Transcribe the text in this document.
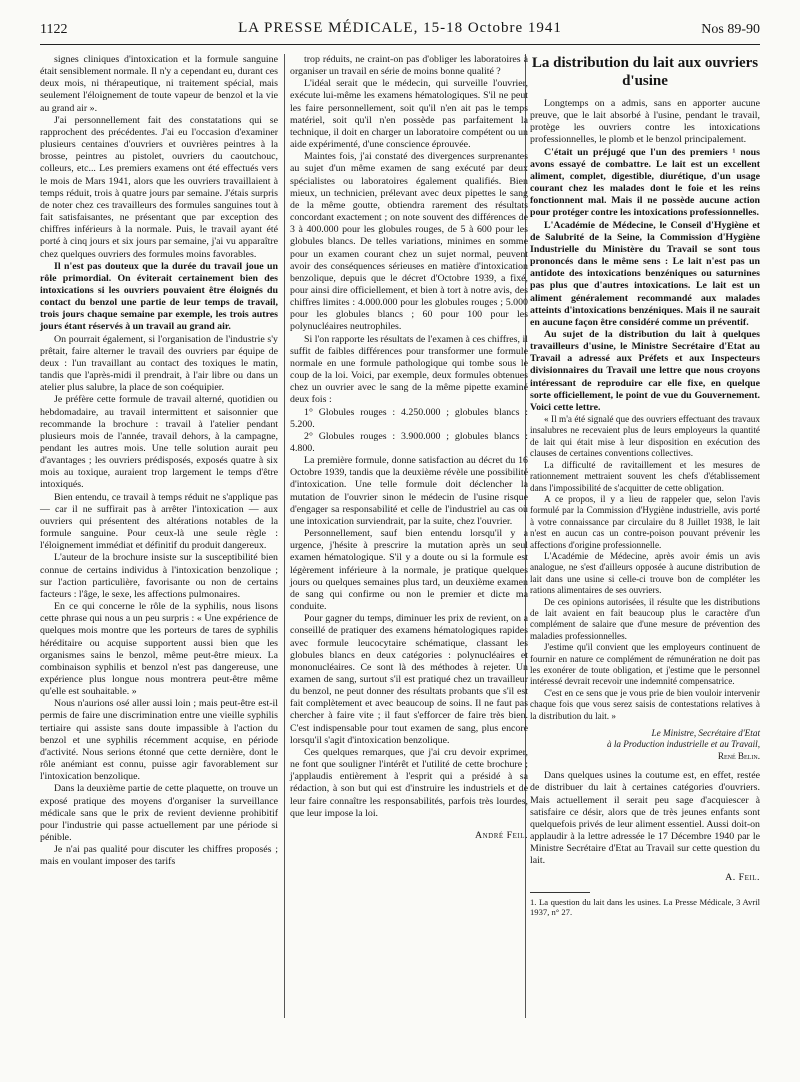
1122	LA PRESSE MÉDICALE, 15-18 Octobre 1941	Nos 89-90

signes cliniques d'intoxication et la formule sanguine était sensiblement normale. Il n'y a cependant eu, durant ces deux mois, ni thérapeutique, ni traitement spécial, mais seulement l'éloignement de toute vapeur de benzol et la vie au grand air ».

J'ai personnellement fait des constatations qui se rapprochent des précédentes. J'ai eu l'occasion d'examiner plusieurs centaines d'ouvriers et ouvrières peintres à la brosse, peintres au pistolet, ouvriers du caoutchouc, colleurs, etc... Les premiers examens ont été effectués vers le mois de Mars 1941, alors que les ouvriers travaillaient à temps réduit, trois à quatre jours par semaine. J'étais surpris de noter chez ces travailleurs des formules sanguines tout à fait satisfaisantes, ne présentant que par exception des chiffres inférieurs à la normale. Puis, le travail ayant été porté à cinq jours et six jours par semaine, j'ai vu apparaître chez quelques ouvriers des formules moins favorables.

Il n'est pas douteux que la durée du travail joue un rôle primordial. On éviterait certainement bien des intoxications si les ouvriers pouvaient être éloignés du contact du benzol une partie de leur temps de travail, trois jours chaque semaine par exemple, les trois autres jours étant réservés à un travail au grand air.

On pourrait également, si l'organisation de l'industrie s'y prêtait, faire alterner le travail des ouvriers par équipe de deux : l'un travaillant au contact des toxiques le matin, tandis que l'après-midi il prendrait, à l'air libre ou dans un atelier plus salubre, la place de son coéquipier.

Je préfère cette formule de travail alterné, quotidien ou hebdomadaire, au travail intermittent et saisonnier que recommande la brochure : travail à l'atelier pendant plusieurs mois de l'année, travail dehors, à la campagne, pendant les autres mois. Une telle solution aurait peu d'avantages ; les ouvriers prédisposés, exposés quatre à six mois au toxique, auraient trop largement le temps d'être intoxiqués.

Bien entendu, ce travail à temps réduit ne s'applique pas — car il ne suffirait pas à arrêter l'intoxication — aux ouvriers qui présentent des altérations notables de la formule sanguine. Pour ceux-là une seule règle : l'éloignement immédiat et définitif du produit dangereux.

L'auteur de la brochure insiste sur la susceptibilité bien connue de certains individus à l'intoxication benzolique ; sur l'action particulière, favorisante ou non de certains facteurs : l'âge, le sexe, les affections pulmonaires.

En ce qui concerne le rôle de la syphilis, nous lisons cette phrase qui nous a un peu surpris : « Une expérience de quelques mois montre que les porteurs de tares de syphilis héréditaire ou acquise supportent aussi bien que les organismes sains le benzol, même peut-être mieux. La combinaison syphilis et benzol n'est pas dangereuse, une expérience plus longue nous montrera peut-être même qu'elle est souhaitable. »

Nous n'aurions osé aller aussi loin ; mais peut-être est-il permis de faire une discrimination entre une vieille syphilis tertiaire qui assiste sans doute impassible à l'action du benzol et une syphilis récemment acquise, en période d'activité. Nous serions étonné que cette dernière, dont le rôle anémiant est connu, puisse agir favorablement sur l'intoxication benzolique.

Dans la deuxième partie de cette plaquette, on trouve un exposé pratique des moyens d'organiser la surveillance médicale sans que le prix de revient devienne prohibitif pour l'industrie qui passe actuellement par une période si pénible.

Je n'ai pas qualité pour discuter les chiffres proposés ; mais en voulant imposer des tarifs

trop réduits, ne craint-on pas d'obliger les laboratoires à organiser un travail en série de moins bonne qualité ?

L'idéal serait que le médecin, qui surveille l'ouvrier, exécute lui-même les examens hématologiques. S'il ne peut les faire personnellement, soit qu'il n'en ait pas le temps matériel, soit qu'il n'en possède pas parfaitement la technique, il doit en charger un laboratoire compétent ou un aide expérimenté, d'une conscience éprouvée.

Maintes fois, j'ai constaté des divergences surprenantes au sujet d'un même examen de sang exécuté par deux spécialistes ou laboratoires également qualifiés. Bien mieux, un technicien, prélevant avec deux pipettes le sang de la même goutte, obtiendra rarement des résultats concordant exactement ; on note souvent des différences de 3 à 400.000 pour les globules rouges, de 5 à 600 pour les globules blancs. De telles variations, minimes en somme pour un examen courant chez un sujet normal, peuvent avoir des conséquences sérieuses en matière d'intoxication benzolique, depuis que le décret d'Octobre 1939, a fixé, pour ainsi dire officiellement, et bien à tort à notre avis, des chiffres limites : 4.000.000 pour les globules rouges ; 5.000 pour les globules blancs ; 60 pour 100 pour les polynucléaires neutrophiles.

Si l'on rapporte les résultats de l'examen à ces chiffres, il suffit de faibles différences pour transformer une formule normale en une formule pathologique qui tombe sous le coup de la loi. Voici, par exemple, deux formules obtenues chez un ouvrier avec le sang de la même pipette examiné deux fois :

1° Globules rouges : 4.250.000 ; globules blancs : 5.200.

2° Globules rouges : 3.900.000 ; globules blancs : 4.800.

La première formule, donne satisfaction au décret du 16 Octobre 1939, tandis que la deuxième révèle une possibilité d'intoxication. Une telle formule doit déclencher la mutation de l'ouvrier sinon le médecin de l'usine risque d'engager sa responsabilité et celle de l'industriel au cas où une intoxication surviendrait, par la suite, chez l'ouvrier.

Personnellement, sauf bien entendu lorsqu'il y a urgence, j'hésite à prescrire la mutation après un seul examen hématologique. S'il y a doute ou si la formule est légèrement inférieure à la normale, je pratique quelques jours ou quelques semaines plus tard, un deuxième examen de sang qui confirme ou non le premier et dicte ma conduite.

Pour gagner du temps, diminuer les prix de revient, on a conseillé de pratiquer des examens hématologiques rapides avec formule leucocytaire schématique, classant les globules blancs en deux catégories : polynucléaires et mononucléaires. Ce sont là des méthodes à rejeter. Un examen de sang, surtout s'il est pratiqué chez un travailleur du benzol, ne peut donner des résultats probants que s'il est fait complètement et avec beaucoup de soins. Il ne faut pas chercher à faire vite ; il faut s'efforcer de faire très bien. C'est indispensable pour tout examen de sang, plus encore lorsqu'il s'agit d'intoxication benzolique.

Ces quelques remarques, que j'ai cru devoir exprimer, ne font que souligner l'intérêt et l'utilité de cette brochure ; j'applaudis entièrement à l'esprit qui a présidé à sa rédaction, à son but qui est d'instruire les industriels et de leur faire connaître les responsabilités, parfois très lourdes, que leur impose la loi.

André Feil.

La distribution du lait aux ouvriers d'usine

Longtemps on a admis, sans en apporter aucune preuve, que le lait absorbé à l'usine, pendant le travail, protège les ouvriers contre les intoxications professionnelles, le plomb et le benzol principalement.

C'était un préjugé que l'un des premiers ¹ nous avons essayé de combattre. Le lait est un excellent aliment, complet, digestible, diurétique, d'un usage courant chez les malades dont le foie et les reins fonctionnent mal. Mais il ne possède aucune action pour protéger contre les intoxications professionnelles.

L'Académie de Médecine, le Conseil d'Hygiène et de Salubrité de la Seine, la Commission d'Hygiène Industrielle du Ministère du Travail se sont tous prononcés dans le même sens : Le lait n'est pas un antidote des intoxications benzéniques ou saturnines pas plus que d'autres intoxications. Le lait est un aliment généralement recommandé aux malades atteints d'intoxications benzéniques. Mais il ne saurait en aucune façon être considéré comme un préventif.

Au sujet de la distribution du lait à quelques travailleurs d'usine, le Ministre Secrétaire d'Etat au Travail a adressé aux Préfets et aux Inspecteurs divisionnaires du Travail une lettre que nous croyons intéressant de reproduire car elle fixe, en quelque sorte officiellement, le point de vue du Gouvernement. Voici cette lettre.

« Il m'a été signalé que des ouvriers effectuant des travaux insalubres ne recevaient plus de leurs employeurs la quantité de lait qui était mise à leur disposition en exécution des clauses de certaines conventions collectives.

La difficulté de ravitaillement et les mesures de rationnement mettraient souvent les chefs d'établissement dans l'impossibilité de s'acquitter de cette obligation.

A ce propos, il y a lieu de rappeler que, selon l'avis formulé par la Commission d'Hygiène industrielle, avis porté à votre connaissance par circulaire du 8 Juillet 1938, le lait n'est en aucun cas un contre-poison pouvant prévenir les affections d'origine professionnelle.

L'Académie de Médecine, après avoir émis un avis analogue, ne s'est d'ailleurs opposée à aucune distribution de lait dans une usine si celle-ci trouve bon de compléter les rations alimentaires de ses ouvriers.

De ces opinions autorisées, il résulte que les distributions de lait avaient en fait beaucoup plus le caractère d'un complément de salaire que d'une mesure de prévention des maladies professionnelles.

J'estime qu'il convient que les employeurs continuent de fournir en nature ce complément de rémunération ne doit pas les exonérer de toute obligation, et j'estime que le personnel intéressé devrait recevoir une indemnité compensatrice.

C'est en ce sens que je vous prie de bien vouloir intervenir chaque fois que vous serez saisis de contestations relatives à la distribution du lait. »

Le Ministre, Secrétaire d'Etat

à la Production industrielle et au Travail,

René Belin.

Dans quelques usines la coutume est, en effet, restée de distribuer du lait à certaines catégories d'ouvriers. Mais actuellement il serait peu sage d'acquiescer à satisfaire ce désir, alors que de très jeunes enfants sont quelquefois privés de leur aliment essentiel. Aussi doit-on applaudir à la lettre adressée le 17 Décembre 1940 par le Ministre Secrétaire d'Etat au Travail sur cette question du lait.

A. Feil.

1. La question du lait dans les usines. La Presse Médicale, 3 Avril 1937, n° 27.
